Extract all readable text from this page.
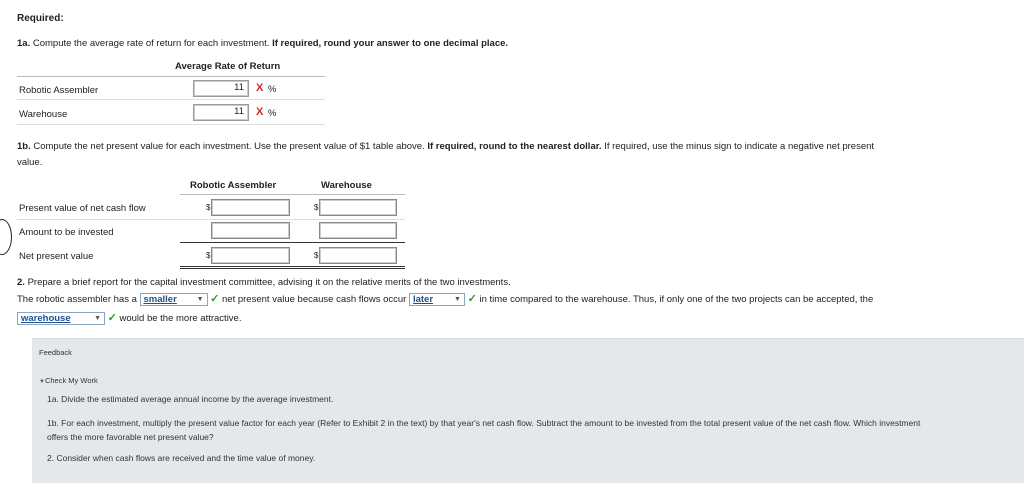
Required:
1a. Compute the average rate of return for each investment. If required, round your answer to one decimal place.
Average Rate of Return
Robotic Assembler	11	X %
Warehouse	11	X %
1b. Compute the net present value for each investment. Use the present value of $1 table above. If required, round to the nearest dollar. If required, use the minus sign to indicate a negative net present
value.
Robotic Assembler	Warehouse
Present value of net cash flow	$	$
Amount to be invested
Net present value	$	$
2. Prepare a brief report for the capital investment committee, advising it on the relative merits of the two investments.
The robotic assembler has a smaller	▼ ✓ net present value because cash flows occur later	▼ ✓ in time compared to the warehouse. Thus, if only one of the two projects can be accepted, the
warehouse	▼ ✓ would be the more attractive.
Feedback
▼Check My Work
1a. Divide the estimated average annual income by the average investment.
1b. For each investment, multiply the present value factor for each year (Refer to Exhibit 2 in the text) by that year's net cash flow. Subtract the amount to be invested from the total present value of the net cash flow. Which investment
offers the more favorable net present value?
2. Consider when cash flows are received and the time value of money.
